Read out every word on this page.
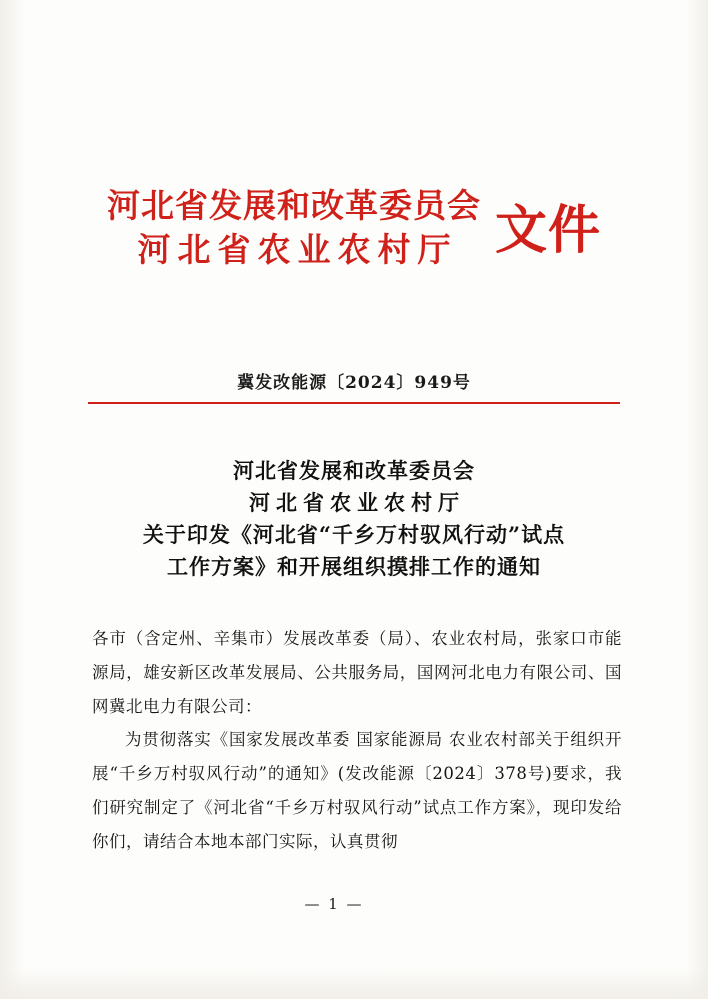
河北省发展和改革委员会
河北省农业农村厅 文件
冀发改能源〔2024〕949号
河北省发展和改革委员会
河北省农业农村厅
关于印发《河北省“千乡万村驭风行动”试点
工作方案》和开展组织摸排工作的通知

各市（含定州、辛集市）发展改革委（局）、农业农村局，张家口市能源局，雄安新区改革发展局、公共服务局，国网河北电力有限公司、国网冀北电力有限公司：

为贯彻落实《国家发展改革委 国家能源局 农业农村部关于组织开展“千乡万村驭风行动”的通知》(发改能源〔2024〕378号)要求，我们研究制定了《河北省“千乡万村驭风行动”试点工作方案》，现印发给你们，请结合本地本部门实际，认真贯彻

— 1 —
